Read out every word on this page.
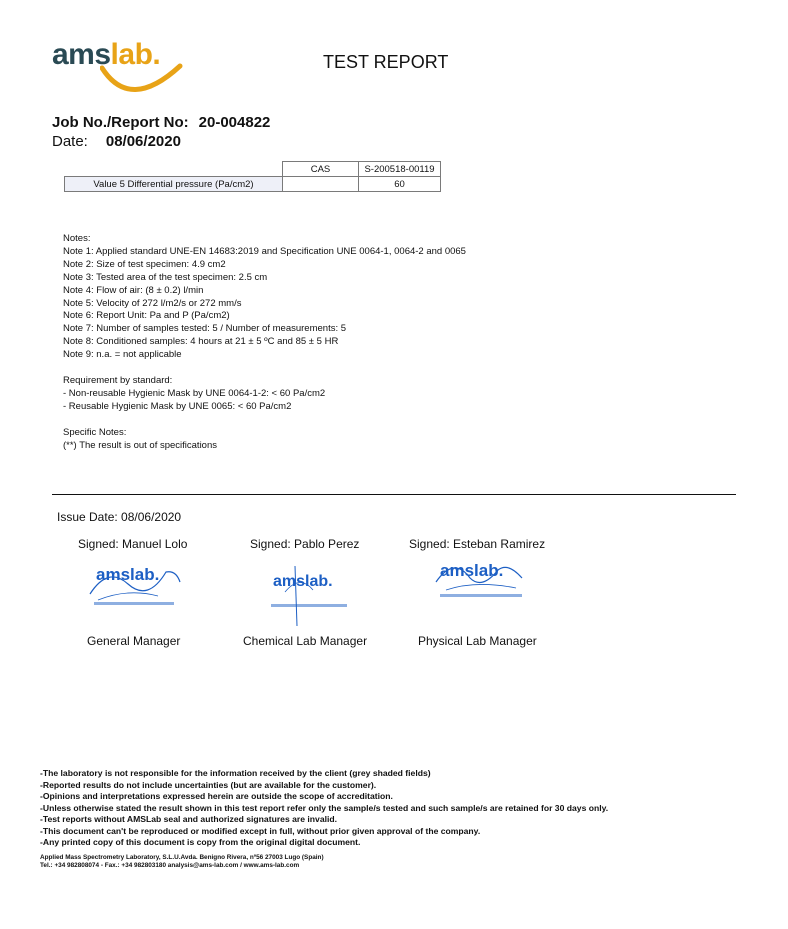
amslab.	TEST REPORT
Job No./Report No: 20-004822
Date: 08/06/2020
	CAS	S-200518-00119
Value 5 Differential pressure (Pa/cm2)		60
Notes:
Note 1: Applied standard UNE-EN 14683:2019 and Specification UNE 0064-1, 0064-2 and 0065
Note 2: Size of test specimen: 4.9 cm2
Note 3: Tested area of the test specimen: 2.5 cm
Note 4: Flow of air: (8 ± 0.2) l/min
Note 5: Velocity of 272 l/m2/s or 272 mm/s
Note 6: Report Unit: Pa and P (Pa/cm2)
Note 7: Number of samples tested: 5 / Number of measurements: 5
Note 8: Conditioned samples: 4 hours at 21 ± 5 ºC and 85 ± 5 HR
Note 9: n.a. = not applicable
Requirement by standard:
- Non-reusable Hygienic Mask by UNE 0064-1-2: < 60 Pa/cm2
- Reusable Hygienic Mask by UNE 0065: < 60 Pa/cm2
Specific Notes:
(**) The result is out of specifications
Issue Date: 08/06/2020
Signed: Manuel Lolo	Signed: Pablo Perez	Signed: Esteban Ramirez
amslab.	amslab.
amslab.
General Manager	Chemical Lab Manager	Physical Lab Manager
-The laboratory is not responsible for the information received by the client (grey shaded fields)
-Reported results do not include uncertainties (but are available for the customer).
-Opinions and interpretations expressed herein are outside the scope of accreditation.
-Unless otherwise stated the result shown in this test report refer only the sample/s tested and such sample/s are retained for 30 days only.
-Test reports without AMSLab seal and authorized signatures are invalid.
-This document can't be reproduced or modified except in full, without prior given approval of the company.
-Any printed copy of this document is copy from the original digital document.
Applied Mass Spectrometry Laboratory, S.L.U.Avda. Benigno Rivera, nº56 27003 Lugo (Spain)
Tel.: +34 982808074 - Fax.: +34 982803180 analysis@ams-lab.com / www.ams-lab.com
